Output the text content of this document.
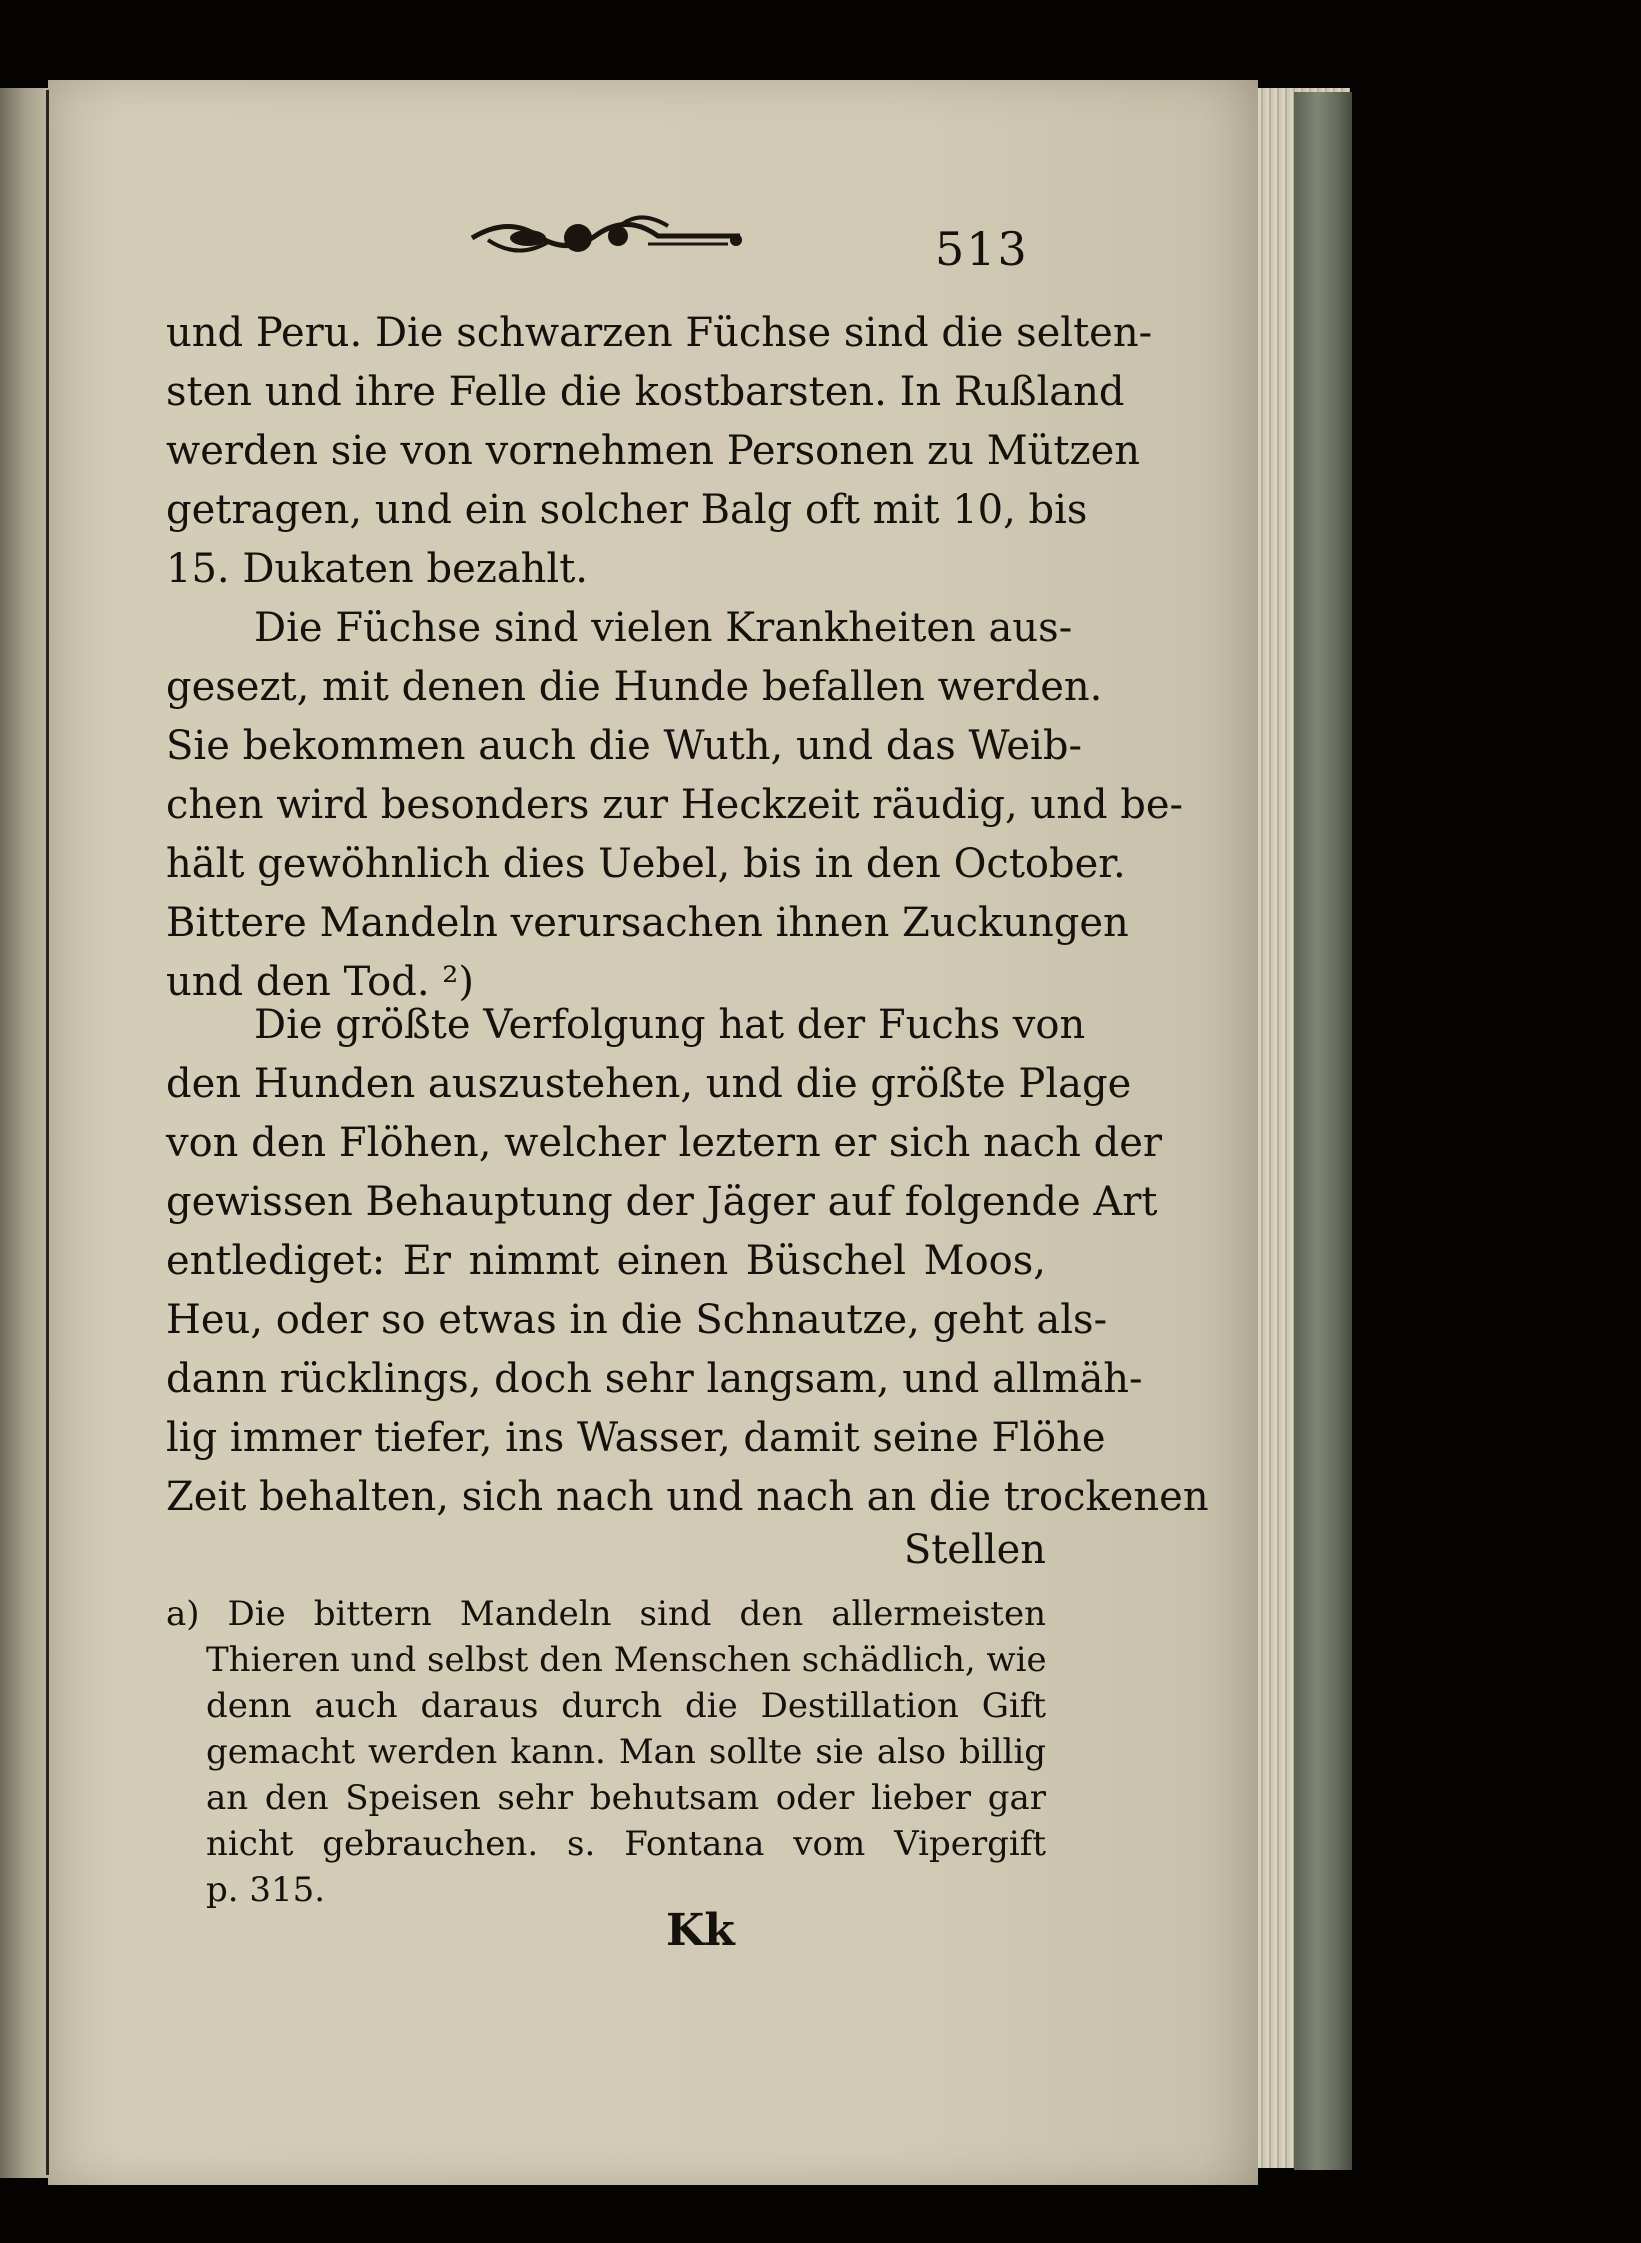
513
und Peru. Die schwarzen Füchse sind die selten-
sten und ihre Felle die kostbarsten. In Rußland
werden sie von vornehmen Personen zu Mützen
getragen, und ein solcher Balg oft mit 10, bis
15. Dukaten bezahlt.
Die Füchse sind vielen Krankheiten aus-
gesezt, mit denen die Hunde befallen werden.
Sie bekommen auch die Wuth, und das Weib-
chen wird besonders zur Heckzeit räudig, und be-
hält gewöhnlich dies Uebel, bis in den October.
Bittere Mandeln verursachen ihnen Zuckungen
und den Tod. ²)
Die größte Verfolgung hat der Fuchs von
den Hunden auszustehen, und die größte Plage
von den Flöhen, welcher leztern er sich nach der
gewissen Behauptung der Jäger auf folgende Art
entlediget: Er nimmt einen Büschel Moos,
Heu, oder so etwas in die Schnautze, geht als-
dann rücklings, doch sehr langsam, und allmäh-
lig immer tiefer, ins Wasser, damit seine Flöhe
Zeit behalten, sich nach und nach an die trockenen
Stellen
a) Die bittern Mandeln sind den allermeisten
Thieren und selbst den Menschen schädlich, wie
denn auch daraus durch die Destillation Gift
gemacht werden kann. Man sollte sie also billig
an den Speisen sehr behutsam oder lieber gar
nicht gebrauchen. s. Fontana vom Vipergift
p. 315.
Kk
